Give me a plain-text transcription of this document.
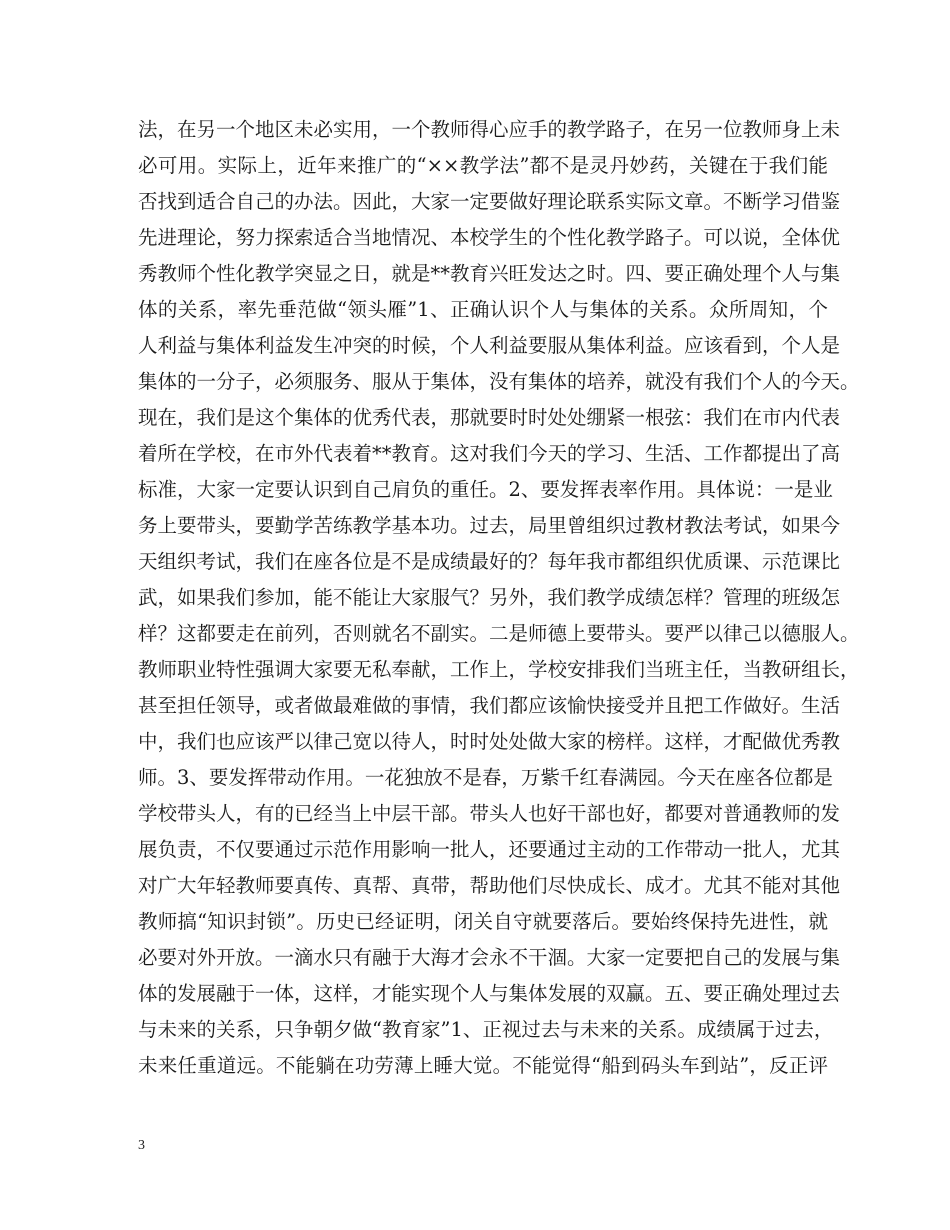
法，在另一个地区未必实用，一个教师得心应手的教学路子，在另一位教师身上未
必可用。实际上，近年来推广的“××教学法”都不是灵丹妙药，关键在于我们能
否找到适合自己的办法。因此，大家一定要做好理论联系实际文章。不断学习借鉴
先进理论，努力探索适合当地情况、本校学生的个性化教学路子。可以说，全体优
秀教师个性化教学突显之日，就是**教育兴旺发达之时。四、要正确处理个人与集
体的关系，率先垂范做“领头雁”1、正确认识个人与集体的关系。众所周知，个
人利益与集体利益发生冲突的时候，个人利益要服从集体利益。应该看到，个人是
集体的一分子，必须服务、服从于集体，没有集体的培养，就没有我们个人的今天。
现在，我们是这个集体的优秀代表，那就要时时处处绷紧一根弦：我们在市内代表
着所在学校，在市外代表着**教育。这对我们今天的学习、生活、工作都提出了高
标准，大家一定要认识到自己肩负的重任。2、要发挥表率作用。具体说：一是业
务上要带头，要勤学苦练教学基本功。过去，局里曾组织过教材教法考试，如果今
天组织考试，我们在座各位是不是成绩最好的？每年我市都组织优质课、示范课比
武，如果我们参加，能不能让大家服气？另外，我们教学成绩怎样？管理的班级怎
样？这都要走在前列，否则就名不副实。二是师德上要带头。要严以律己以德服人。
教师职业特性强调大家要无私奉献，工作上，学校安排我们当班主任，当教研组长，
甚至担任领导，或者做最难做的事情，我们都应该愉快接受并且把工作做好。生活
中，我们也应该严以律己宽以待人，时时处处做大家的榜样。这样，才配做优秀教
师。3、要发挥带动作用。一花独放不是春，万紫千红春满园。今天在座各位都是
学校带头人，有的已经当上中层干部。带头人也好干部也好，都要对普通教师的发
展负责，不仅要通过示范作用影响一批人，还要通过主动的工作带动一批人，尤其
对广大年轻教师要真传、真帮、真带，帮助他们尽快成长、成才。尤其不能对其他
教师搞“知识封锁”。历史已经证明，闭关自守就要落后。要始终保持先进性，就
必要对外开放。一滴水只有融于大海才会永不干涸。大家一定要把自己的发展与集
体的发展融于一体，这样，才能实现个人与集体发展的双赢。五、要正确处理过去
与未来的关系，只争朝夕做“教育家”1、正视过去与未来的关系。成绩属于过去，
未来任重道远。不能躺在功劳薄上睡大觉。不能觉得“船到码头车到站”，反正评
3
